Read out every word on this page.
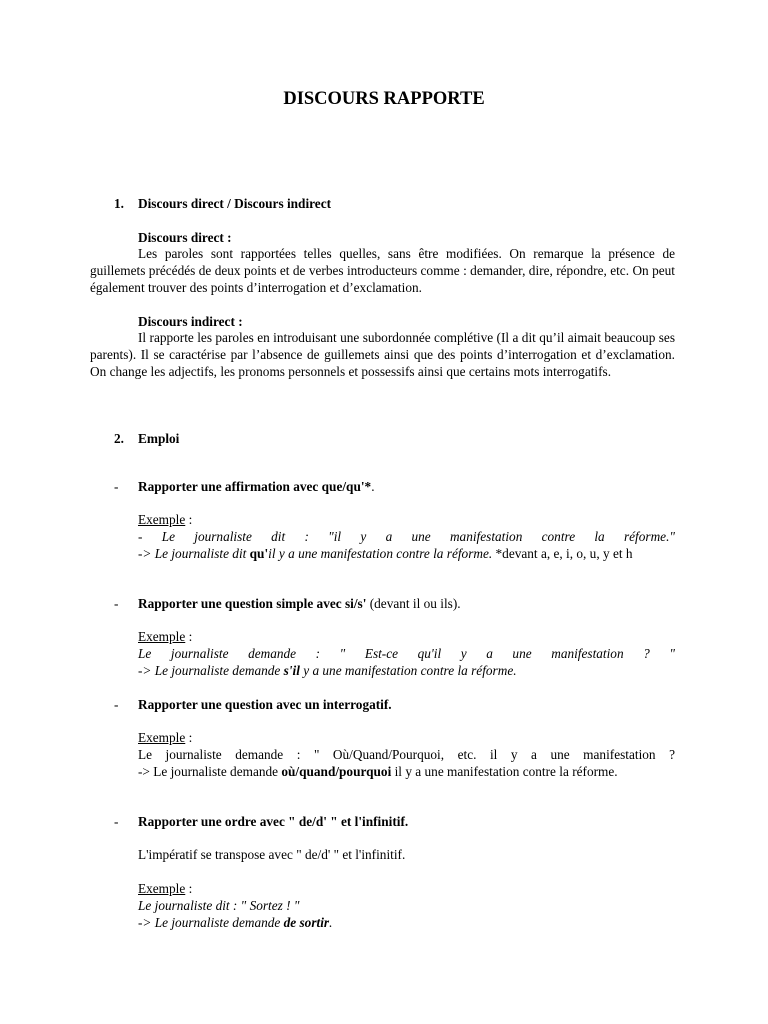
DISCOURS RAPPORTE
1. Discours direct / Discours indirect
Discours direct :
Les paroles sont rapportées telles quelles, sans être modifiées. On remarque la présence de guillemets précédés de deux points et de verbes introducteurs comme : demander, dire, répondre, etc. On peut également trouver des points d’interrogation et d’exclamation.
Discours indirect :
Il rapporte les paroles en introduisant une subordonnée complétive (Il a dit qu’il aimait beaucoup ses parents). Il se caractérise par l’absence de guillemets ainsi que des points d’interrogation et d’exclamation. On change les adjectifs, les pronoms personnels et possessifs ainsi que certains mots interrogatifs.
2. Emploi
- Rapporter une affirmation avec que/qu'*.
Exemple :
- Le journaliste dit : "il y a une manifestation contre la réforme."
-> Le journaliste dit qu'il y a une manifestation contre la réforme. *devant a, e, i, o, u, y et h
- Rapporter une question simple avec si/s' (devant il ou ils).
Exemple :
Le journaliste demande : " Est-ce qu'il y a une manifestation ? "
-> Le journaliste demande s'il y a une manifestation contre la réforme.
- Rapporter une question avec un interrogatif.
Exemple :
Le journaliste demande : " Où/Quand/Pourquoi, etc. il y a une manifestation ?
-> Le journaliste demande où/quand/pourquoi il y a une manifestation contre la réforme.
- Rapporter une ordre avec " de/d' " et l'infinitif.
L'impératif se transpose avec " de/d' " et l'infinitif.
Exemple :
Le journaliste dit : " Sortez ! "
-> Le journaliste demande de sortir.
